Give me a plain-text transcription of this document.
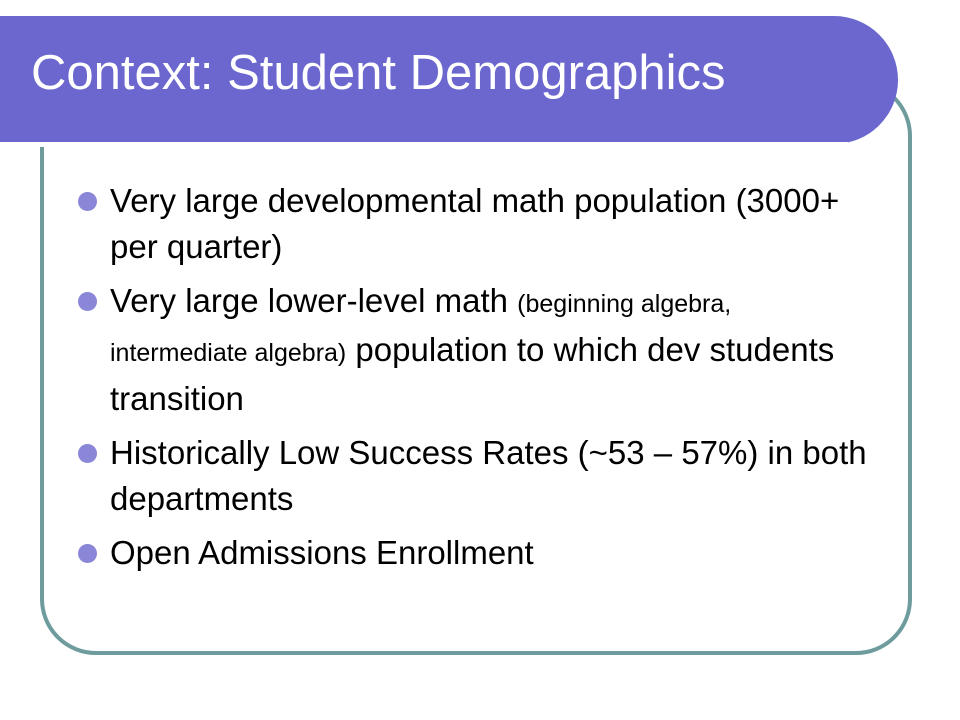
Context: Student Demographics
Very large developmental math population (3000+ per quarter)
Very large lower-level math (beginning algebra, intermediate algebra) population to which dev students transition
Historically Low Success Rates (~53 – 57%) in both departments
Open Admissions Enrollment
